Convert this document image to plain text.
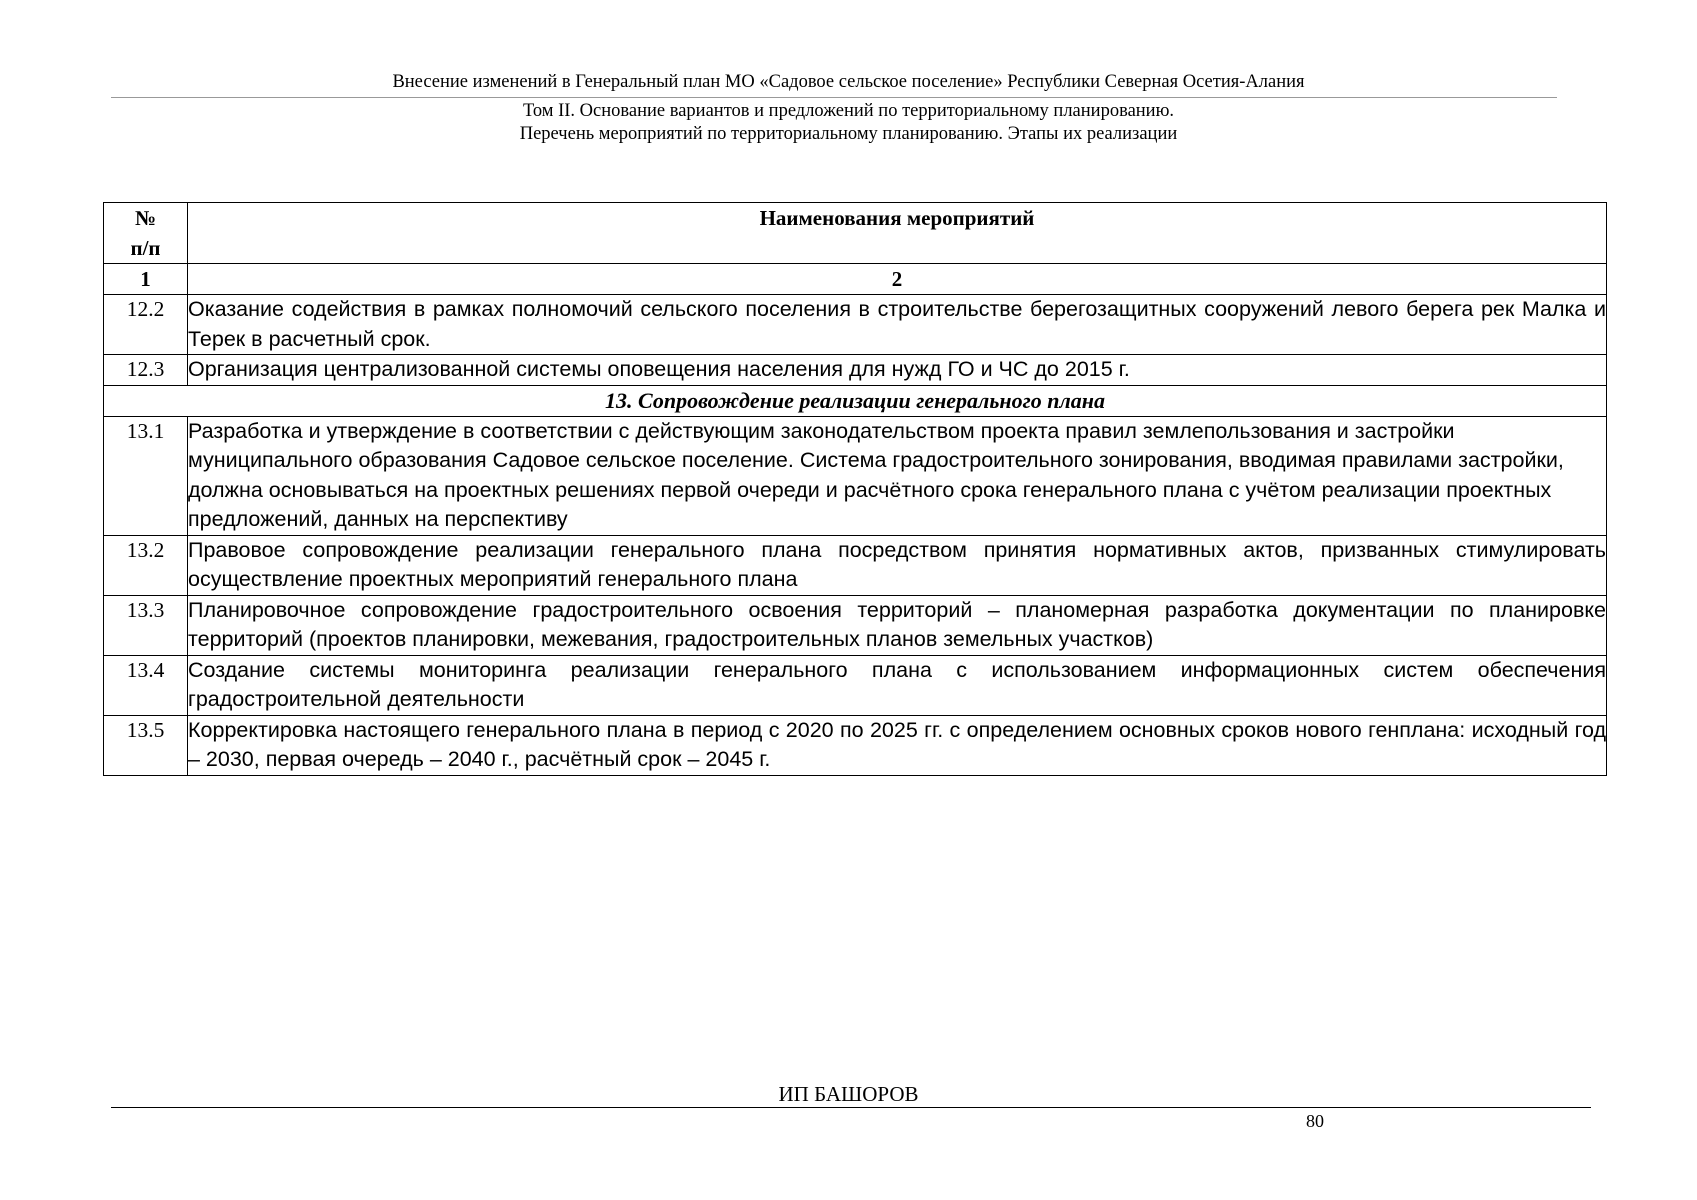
Внесение изменений в Генеральный план МО «Садовое сельское поселение» Республики Северная Осетия-Алания
Том II. Основание вариантов и предложений по территориальному планированию.
Перечень мероприятий по территориальному планированию. Этапы их реализации
№
п/п	Наименования мероприятий
1	2
12.2	Оказание содействия в рамках полномочий сельского поселения в строительстве берегозащитных сооружений левого берега рек Малка и Терек в расчетный срок.
12.3	Организация централизованной системы оповещения населения для нужд ГО и ЧС до 2015 г.
13. Сопровождение реализации генерального плана	
13.1	Разработка и утверждение в соответствии с действующим законодательством проекта правил землепользования и застройки муниципального образования Садовое сельское поселение. Система градостроительного зонирования, вводимая правилами застройки, должна основываться на проектных решениях первой очереди и расчётного срока генерального плана с учётом реализации проектных предложений, данных на перспективу
13.2	Правовое сопровождение реализации генерального плана посредством принятия нормативных актов, призванных стимулировать осуществление проектных мероприятий генерального плана
13.3	Планировочное сопровождение градостроительного освоения территорий – планомерная разработка документации по планировке территорий (проектов планировки, межевания, градостроительных планов земельных участков)
13.4	Создание системы мониторинга реализации генерального плана с использованием информационных систем обеспечения градостроительной деятельности
13.5	Корректировка настоящего генерального плана в период с 2020 по 2025 гг. с определением основных сроков нового генплана: исходный год – 2030, первая очередь – 2040 г., расчётный срок – 2045 г.
ИП БАШОРОВ
80
